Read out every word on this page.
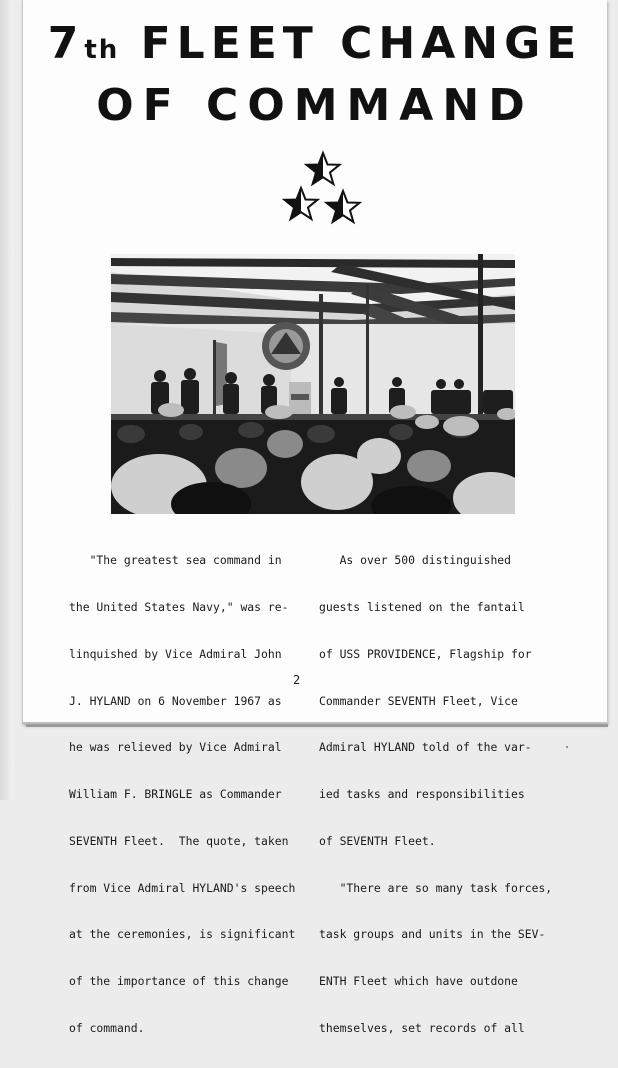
7th FLEET CHANGE
OF COMMAND

"The greatest sea command in

the United States Navy," was re-

linquished by Vice Admiral John

J. HYLAND on 6 November 1967 as

he was relieved by Vice Admiral

William F. BRINGLE as Commander

SEVENTH Fleet.  The quote, taken

from Vice Admiral HYLAND's speech

at the ceremonies, is significant

of the importance of this change

of command.

As over 500 distinguished

guests listened on the fantail

of USS PROVIDENCE, Flagship for

Commander SEVENTH Fleet, Vice

Admiral HYLAND told of the var-

ied tasks and responsibilities

of SEVENTH Fleet.

"There are so many task forces,

task groups and units in the SEV-

ENTH Fleet which have outdone

themselves, set records of all

2
